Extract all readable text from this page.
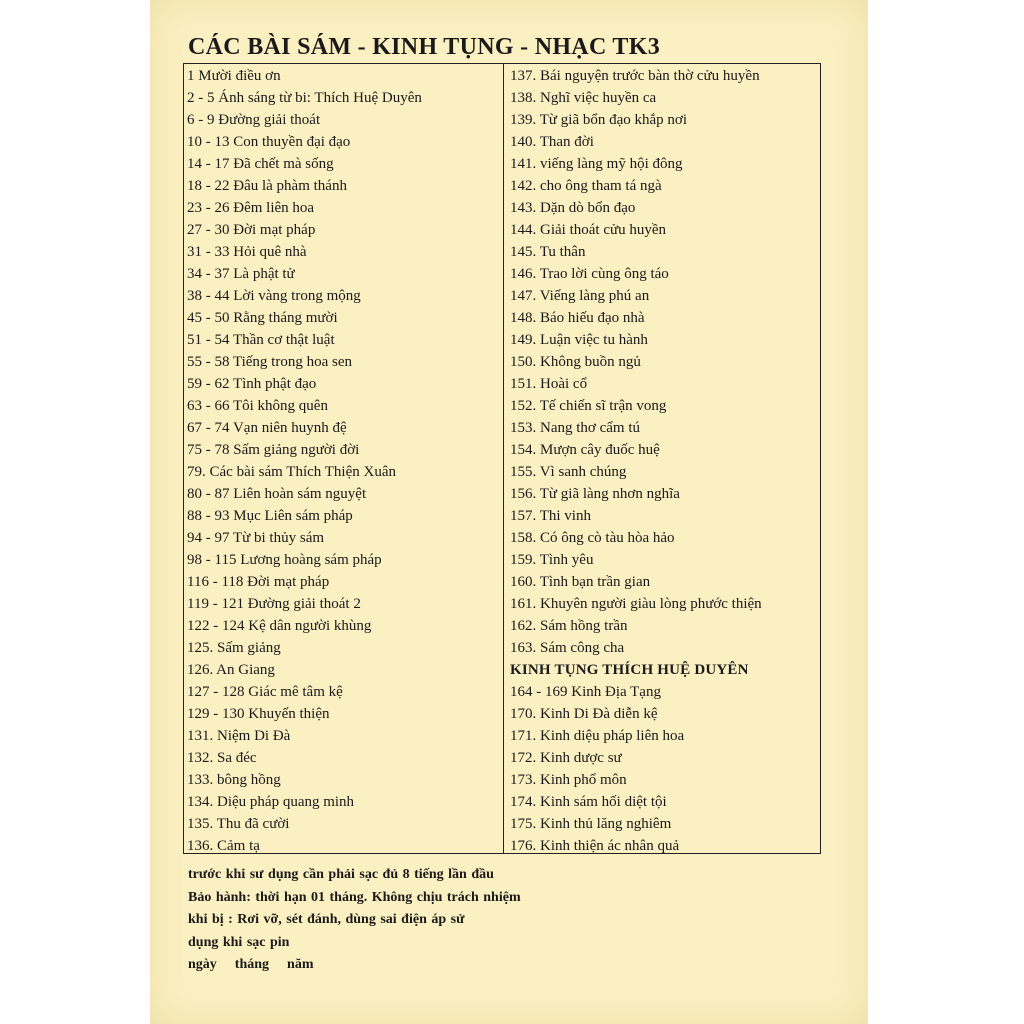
CÁC BÀI SÁM - KINH TỤNG - NHẠC TK3
1 Mười điều ơn
2 - 5 Ánh sáng từ bi: Thích Huệ Duyên
6 - 9 Đường giải thoát
10 - 13 Con thuyền đại đạo
14 - 17 Đã chết mà sống
18 - 22 Đâu là phàm thánh
23 - 26 Đêm liên hoa
27 - 30 Đời mạt pháp
31 - 33 Hỏi quê nhà
34 - 37 Là phật tử
38 - 44 Lời vàng trong mộng
45 - 50 Rằng tháng mười
51 - 54 Thần cơ thật luật
55 - 58 Tiếng trong hoa sen
59 - 62 Tình phật đạo
63 - 66 Tôi không quên
67 - 74 Vạn niên huynh đệ
75 - 78 Sấm giảng người đời
79. Các bài sám Thích Thiện Xuân
80 - 87 Liên hoàn sám nguyệt
88 - 93 Mục Liên sám pháp
94 - 97 Từ bi thủy sám
98 - 115 Lương hoàng sám pháp
116 - 118 Đời mạt pháp
119 - 121 Đường giải thoát 2
122 - 124 Kệ dân người khùng
125. Sấm giảng
126. An Giang
127 - 128 Giác mê tâm kệ
129 - 130 Khuyến thiện
131. Niệm Di Đà
132. Sa đéc
133. bông hồng
134. Diệu pháp quang minh
135. Thu đã cười
136. Cảm tạ
137. Bái nguyện trước bàn thờ cửu huyền
138. Nghĩ việc huyền ca
139. Từ giã bổn đạo khắp nơi
140. Than đời
141. viếng làng mỹ hội đông
142. cho ông tham tá ngà
143. Dặn dò bổn đạo
144. Giải thoát cửu huyền
145. Tu thân
146. Trao lời cùng ông táo
147. Viếng làng phú an
148. Báo hiếu đạo nhà
149. Luận việc tu hành
150. Không buồn ngủ
151. Hoài cổ
152. Tế chiến sĩ trận vong
153. Nang thơ cẩm tú
154. Mượn cây đuốc huệ
155. Vì sanh chúng
156. Từ giã làng nhơn nghĩa
157. Thi vinh
158. Có ông cò tàu hòa hảo
159. Tình yêu
160. Tình bạn trần gian
161. Khuyên người giàu lòng phước thiện
162. Sám hồng trần
163. Sám công cha
KINH TỤNG THÍCH HUỆ DUYÊN
164 - 169 Kinh Địa Tạng
170. Kinh Di Đà diễn kệ
171. Kinh diệu pháp liên hoa
172. Kinh dược sư
173. Kinh phổ môn
174. Kinh sám hối diệt tội
175. Kinh thủ lăng nghiêm
176. Kinh thiện ác nhân quả
trước khi sư dụng cần phải sạc đủ 8 tiếng lần đầu
Bảo hành: thời hạn 01 tháng. Không chịu trách nhiệm
khi bị : Rơi vỡ, sét đánh, dùng sai điện áp sử
dụng khi sạc pin
ngày tháng năm
